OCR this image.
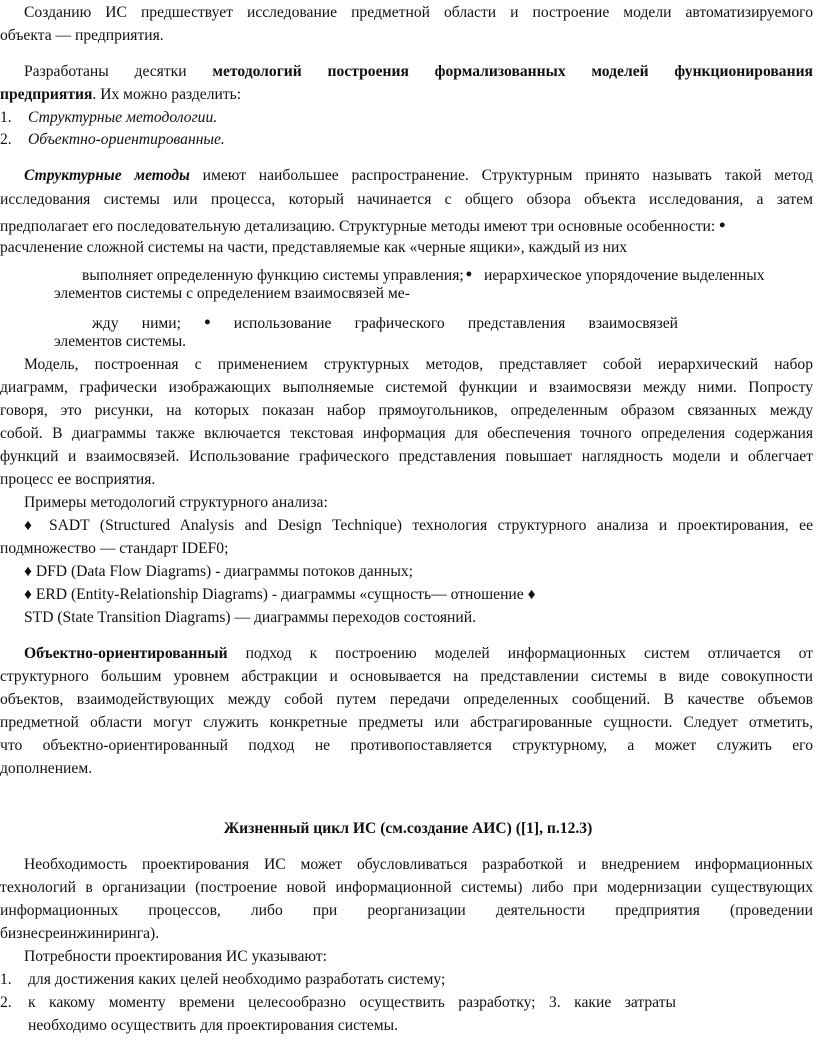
Созданию ИС предшествует исследование предметной области и построение модели автоматизируемого
объекта — предприятия.
Разработаны десятки методологий построения формализованных моделей функционирования
предприятия. Их можно разделить:
1. Структурные методологии.
2. Объектно-ориентированные.
Структурные методы имеют наибольшее распространение. Структурным принято называть такой метод
исследования системы или процесса, который начинается с общего обзора объекта исследования, а затем
предполагает его последовательную детализацию. Структурные методы имеют три основные особенности: •
расчленение сложной системы на части, представляемые как «черные ящики», каждый из них
выполняет определенную функцию системы управления; • иерархическое упорядочение выделенных
элементов системы с определением взаимосвязей ме-
жду ними; • использование графического представления взаимосвязей
элементов системы.
Модель, построенная с применением структурных методов, представляет собой иерархический набор
диаграмм, графически изображающих выполняемые системой функции и взаимосвязи между ними. Попросту
говоря, это рисунки, на которых показан набор прямоугольников, определенным образом связанных между
собой. В диаграммы также включается текстовая информация для обеспечения точного определения содержания
функций и взаимосвязей. Использование графического представления повышает наглядность модели и облегчает
процесс ее восприятия.
Примеры методологий структурного анализа:
♦ SADT (Structured Analysis and Design Technique) технология структурного анализа и проектирования, ее
подмножество — стандарт IDEF0;
♦ DFD (Data Flow Diagrams) - диаграммы потоков данных;
♦ ERD (Entity-Relationship Diagrams) - диаграммы «сущность— отношение ♦
STD (State Transition Diagrams) — диаграммы переходов состояний.
Объектно-ориентированный подход к построению моделей информационных систем отличается от
структурного большим уровнем абстракции и основывается на представлении системы в виде совокупности
объектов, взаимодействующих между собой путем передачи определенных сообщений. В качестве объемов
предметной области могут служить конкретные предметы или абстрагированные сущности. Следует отметить,
что объектно-ориентированный подход не противопоставляется структурному, а может служить его
дополнением.
Жизненный цикл ИС (см.создание АИС) ([1], п.12.3)
Необходимость проектирования ИС может обусловливаться разработкой и внедрением информационных
технологий в организации (построение новой информационной системы) либо при модернизации существующих
информационных процессов, либо при реорганизации деятельности предприятия (проведении
бизнесреинжиниринга).
Потребности проектирования ИС указывают:
1. для достижения каких целей необходимо разработать систему;
2. к какому моменту времени целесообразно осуществить разработку; 3. какие затраты
необходимо осуществить для проектирования системы.
